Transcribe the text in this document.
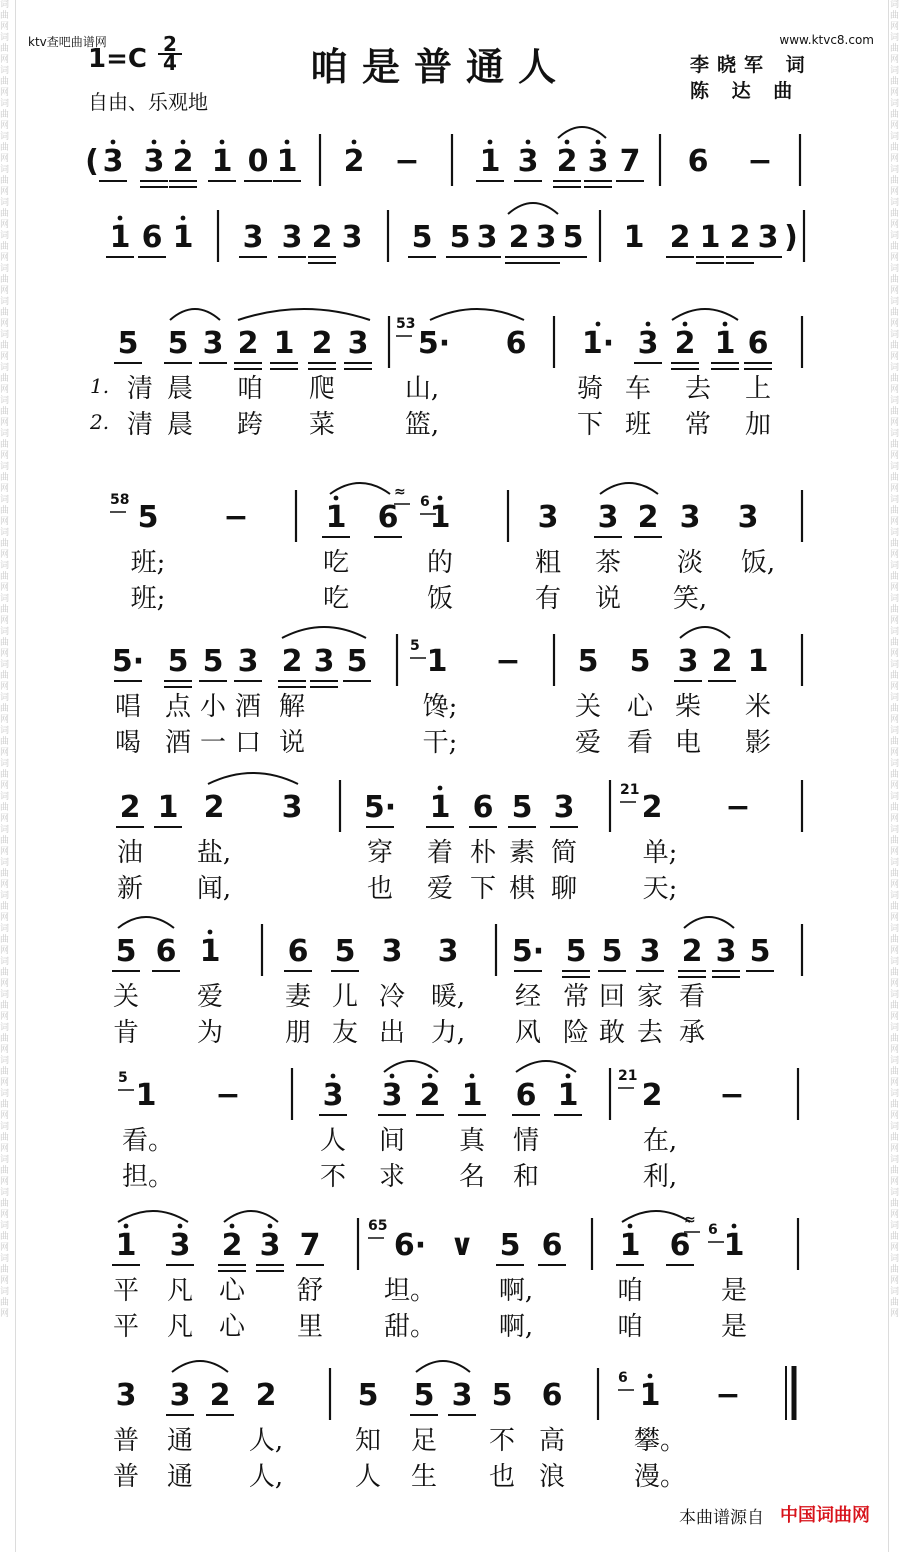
词曲网词曲网词曲网词曲网词曲网词曲网词曲网词曲网词曲网词曲网词曲网词曲网词曲网词曲网词曲网词曲网词曲网词曲网词曲网词曲网词曲网词曲网词曲网词曲网词曲网词曲网词曲网词曲网词曲网词曲网词曲网词曲网词曲网词曲网词曲网词曲网词曲网词曲网词曲网词曲网
词曲网词曲网词曲网词曲网词曲网词曲网词曲网词曲网词曲网词曲网词曲网词曲网词曲网词曲网词曲网词曲网词曲网词曲网词曲网词曲网词曲网词曲网词曲网词曲网词曲网词曲网词曲网词曲网词曲网词曲网词曲网词曲网词曲网词曲网词曲网词曲网词曲网词曲网词曲网词曲网
ktv查吧曲谱网	www.ktvc8.com
1=C 2
4	咱是普通人	李晓军 词
陈 达 曲
自由、乐观地
( 3 3 2 1 0 1 2 − 1 3 2 3 7 6 −
1 6 1 3 3 2 3 5 5 3 2 3 5 1 2 1 2 3 )
5 5 3 2 1 2 3 5· 6 1· 3 2 1 6
53
1.
2.
清 晨 咱 爬	山,	骑 车 去 上
清 晨 跨 菜	篮,	下 班 常 加
5 −	1 6 1	3 3 2 3 3
58	6
≈
班;	吃	的	粗 茶 淡 饭,
班;	吃	饭	有 说 笑,
5· 5 5 3 2 3 5 1 − 5 5 3 2 1
5
唱 点 小 酒 解	馋;	关 心 柴 米
喝 酒 一 口 说	干;	爱 看 电 影
2 1 2 3 5· 1 6 5 3 2 −
21
油 盐,	穿 着 朴 素 简	单;
新 闻,	也 爱 下 棋 聊	天;
5 6 1 6 5 3 3 5· 5 5 3 2 3 5
关 爱 妻 儿 冷 暖, 经 常 回 家 看
肯 为 朋 友 出 力, 风 险 敢 去 承
1 −	3 3 2 1 6 1 2 −
5	21
看。	人 间 真 情	在,
担。	不 求 名 和	利,
1 3 2 3 7 6· ∨ 5 6 1 6 1
65	6
≈
平 凡 心 舒 坦。 啊,	咱	是
平 凡 心 里 甜。 啊,	咱	是
3 3 2 2	5 5 3 5 6	1 −
6
普 通 人,	知 足 不 高	攀。
普 通 人,	人 生 也 浪	漫。
本曲谱源自 中国词曲网
